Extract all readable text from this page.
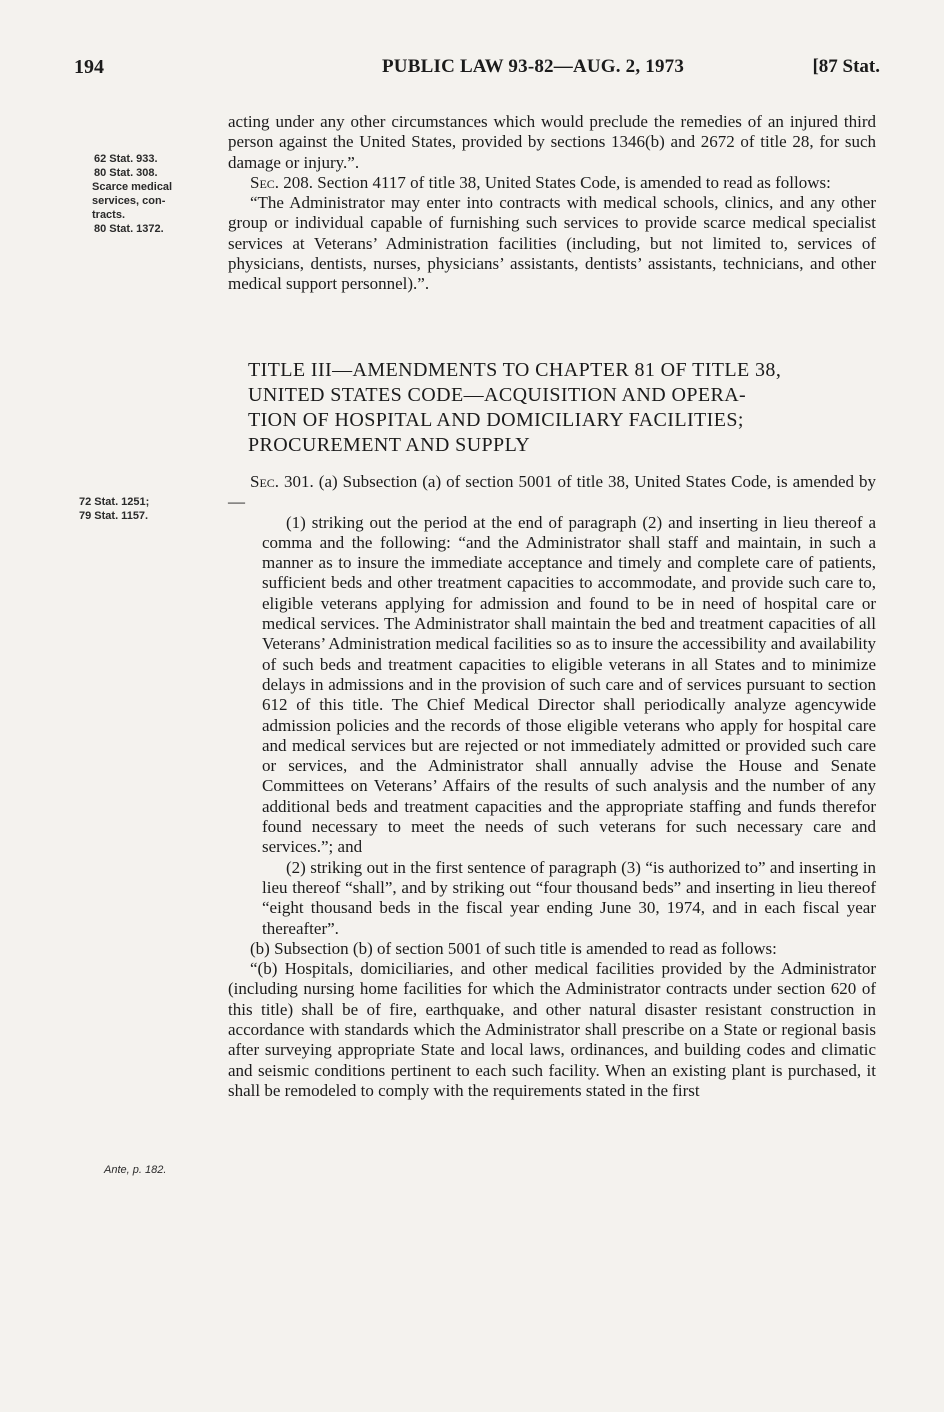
194	PUBLIC LAW 93-82—AUG. 2, 1973	[87 Stat.
62 Stat. 933.
80 Stat. 308.
Scarce medical
services, con-
tracts.
80 Stat. 1372.
72 Stat. 1251;
79 Stat. 1157.
Ante, p. 182.

acting under any other circumstances which would preclude the remedies of an injured third person against the United States, provided by sections 1346(b) and 2672 of title 28, for such damage or injury.”.

Sec. 208. Section 4117 of title 38, United States Code, is amended to read as follows:

“The Administrator may enter into contracts with medical schools, clinics, and any other group or individual capable of furnishing such services to provide scarce medical specialist services at Veterans’ Administration facilities (including, but not limited to, services of physicians, dentists, nurses, physicians’ assistants, dentists’ assistants, technicians, and other medical support personnel).”.

TITLE III—AMENDMENTS TO CHAPTER 81 OF TITLE 38,

UNITED STATES CODE—ACQUISITION AND OPERA-

TION OF HOSPITAL AND DOMICILIARY FACILITIES;

PROCUREMENT AND SUPPLY

Sec. 301. (a) Subsection (a) of section 5001 of title 38, United States Code, is amended by—

(1) striking out the period at the end of paragraph (2) and inserting in lieu thereof a comma and the following: “and the Administrator shall staff and maintain, in such a manner as to insure the immediate acceptance and timely and complete care of patients, sufficient beds and other treatment capacities to accommodate, and provide such care to, eligible veterans applying for admission and found to be in need of hospital care or medical services. The Administrator shall maintain the bed and treatment capacities of all Veterans’ Administration medical facilities so as to insure the accessibility and availability of such beds and treatment capacities to eligible veterans in all States and to minimize delays in admissions and in the provision of such care and of services pursuant to section 612 of this title. The Chief Medical Director shall periodically analyze agencywide admission policies and the records of those eligible veterans who apply for hospital care and medical services but are rejected or not immediately admitted or provided such care or services, and the Administrator shall annually advise the House and Senate Committees on Veterans’ Affairs of the results of such analysis and the number of any additional beds and treatment capacities and the appropriate staffing and funds therefor found necessary to meet the needs of such veterans for such necessary care and services.”; and

(2) striking out in the first sentence of paragraph (3) “is authorized to” and inserting in lieu thereof “shall”, and by striking out “four thousand beds” and inserting in lieu thereof “eight thousand beds in the fiscal year ending June 30, 1974, and in each fiscal year thereafter”.

(b) Subsection (b) of section 5001 of such title is amended to read as follows:

“(b) Hospitals, domiciliaries, and other medical facilities provided by the Administrator (including nursing home facilities for which the Administrator contracts under section 620 of this title) shall be of fire, earthquake, and other natural disaster resistant construction in accordance with standards which the Administrator shall prescribe on a State or regional basis after surveying appropriate State and local laws, ordinances, and building codes and climatic and seismic conditions pertinent to each such facility. When an existing plant is purchased, it shall be remodeled to comply with the requirements stated in the first
